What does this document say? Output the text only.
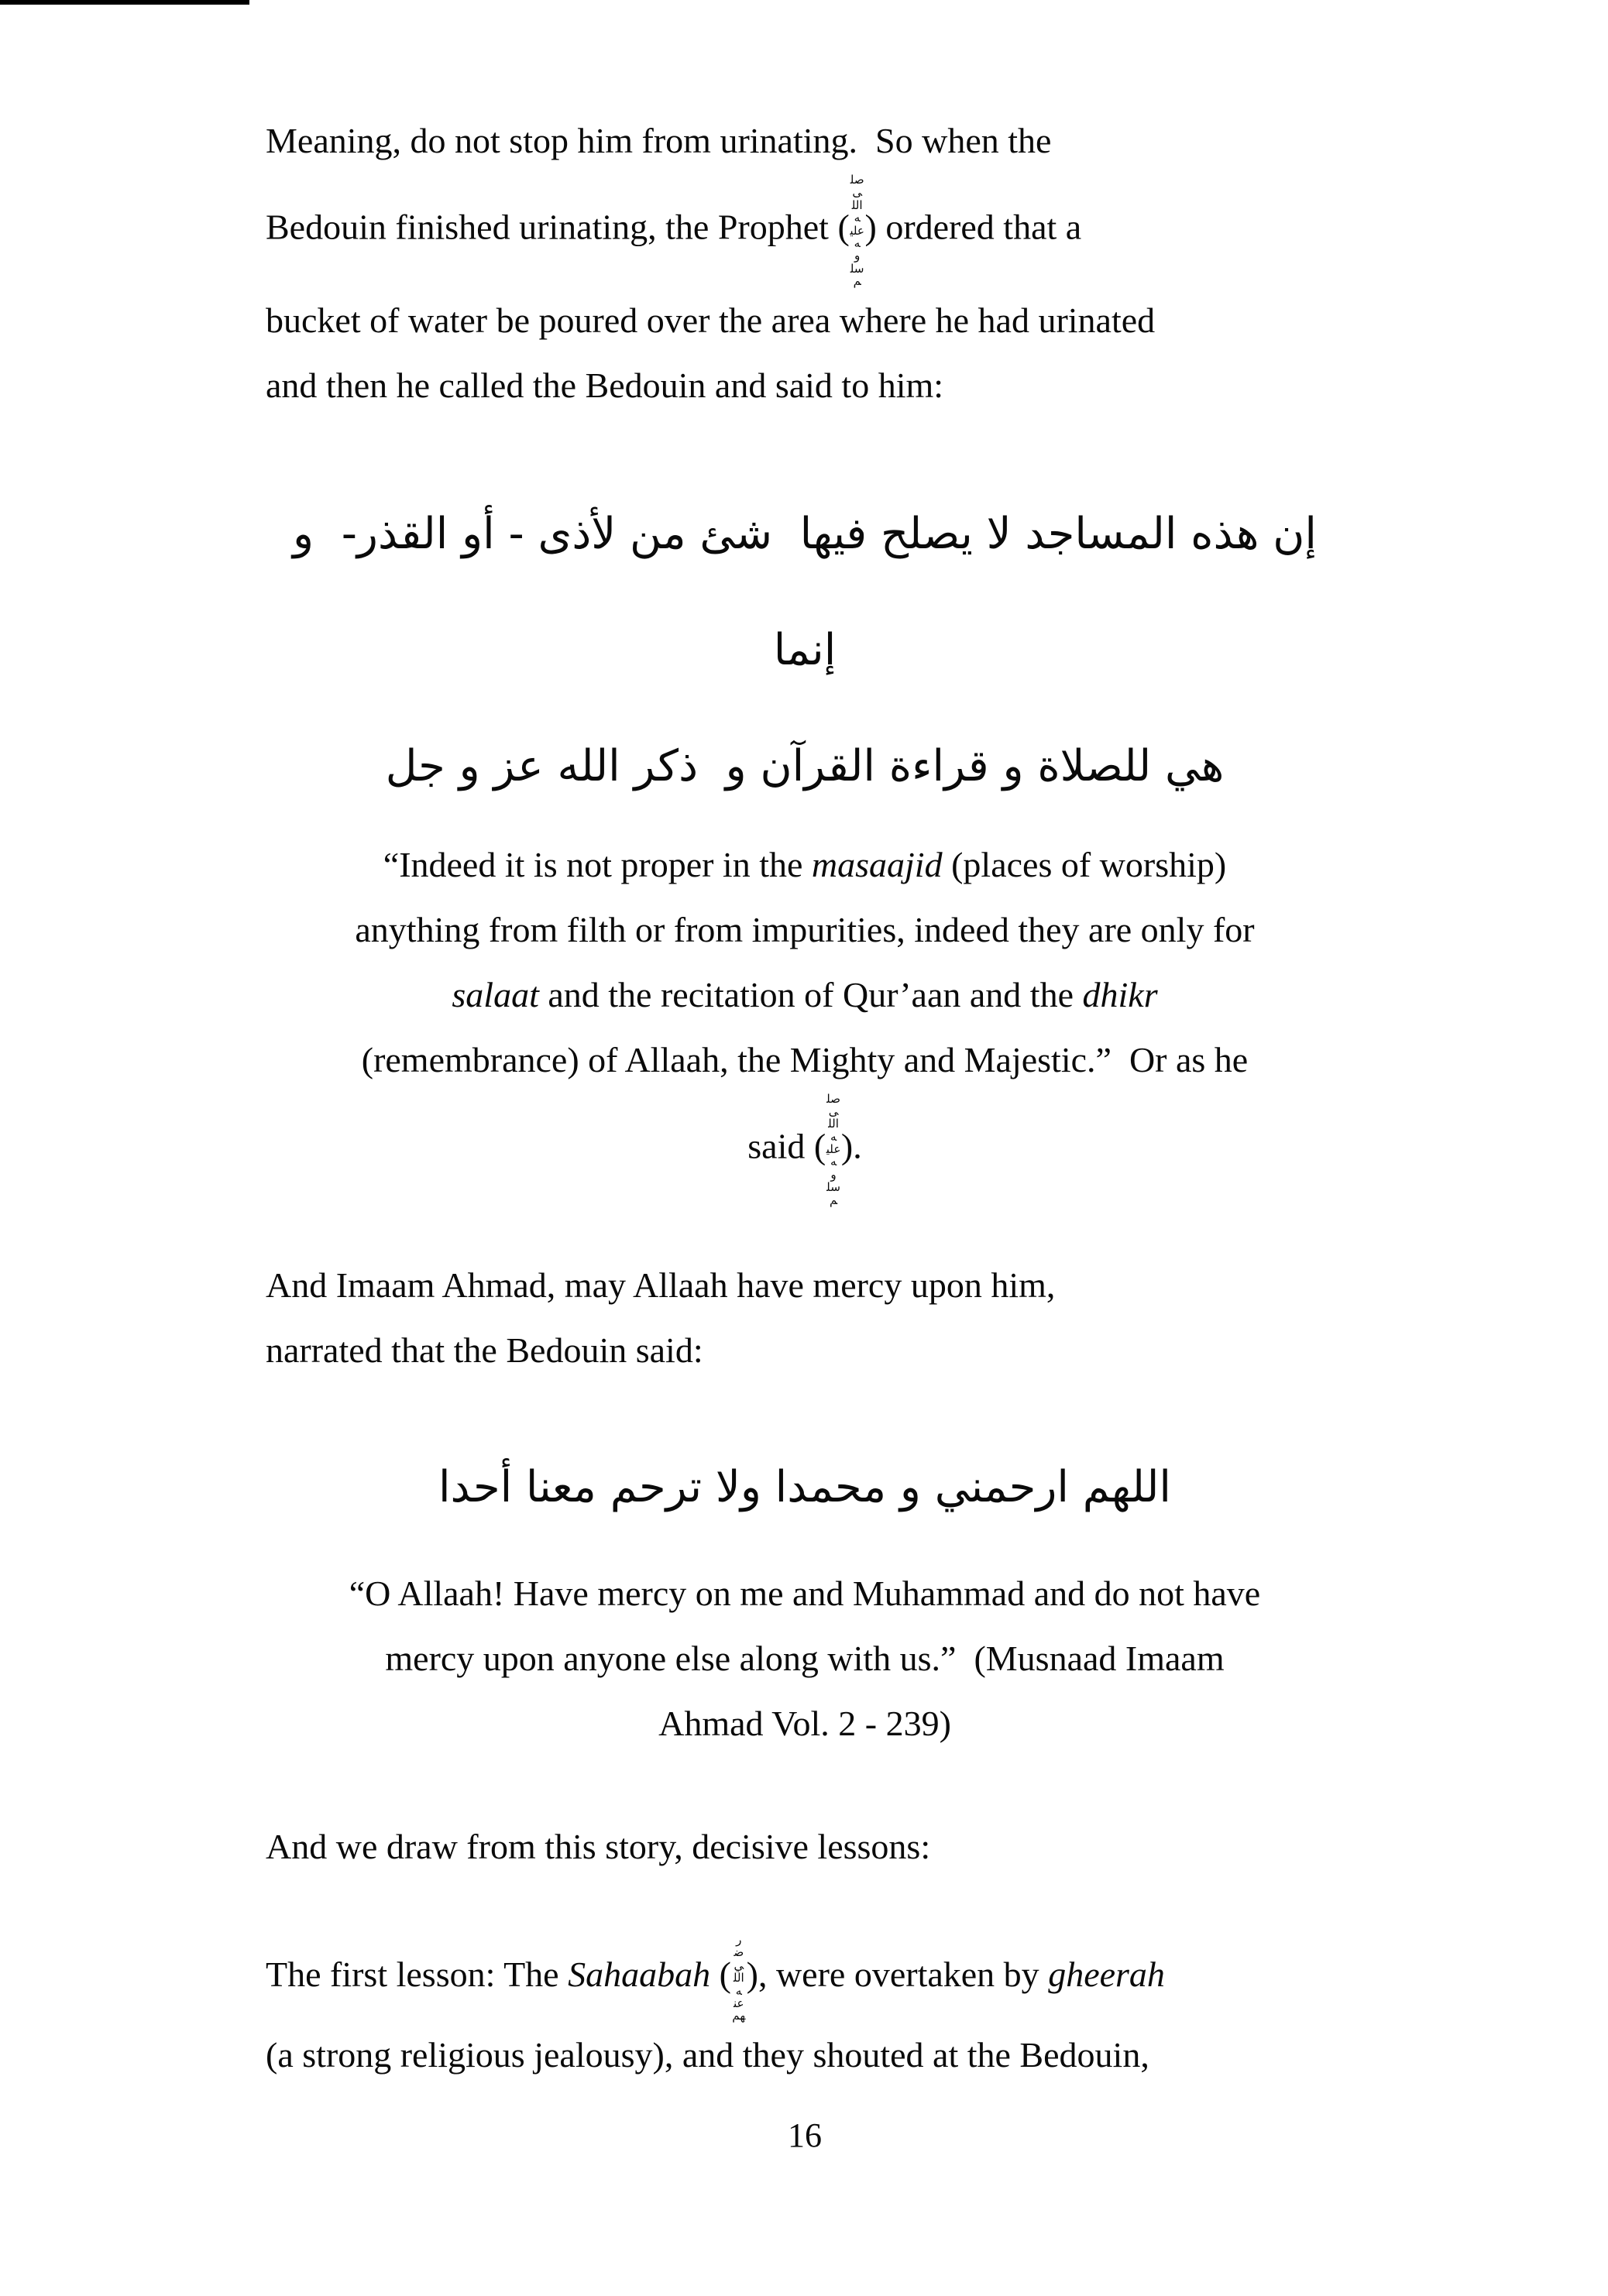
Meaning, do not stop him from urinating.  So when the
Bedouin finished urinating, the Prophet (صلى الله عليه وسلم) ordered that a
bucket of water be poured over the area where he had urinated
and then he called the Bedouin and said to him:
إن هذه المساجد لا يصلح فيها  شئ من لأذى - أو القذر-  و إنما
هي للصلاة و قراءة القرآن و  ذكر الله عز و جل
“Indeed it is not proper in the masaajid (places of worship)
anything from filth or from impurities, indeed they are only for
salaat and the recitation of Qur’aan and the dhikr
(remembrance) of Allaah, the Mighty and Majestic.”  Or as he
said (صلى الله عليه وسلم).
And Imaam Ahmad, may Allaah have mercy upon him,
narrated that the Bedouin said:
اللهم ارحمني و محمدا ولا ترحم معنا أحدا
“O Allaah! Have mercy on me and Muhammad and do not have
mercy upon anyone else along with us.”  (Musnaad Imaam
Ahmad Vol. 2 - 239)
And we draw from this story, decisive lessons:
The first lesson: The Sahaabah (رضي الله عنهم), were overtaken by gheerah
(a strong religious jealousy), and they shouted at the Bedouin,
16
